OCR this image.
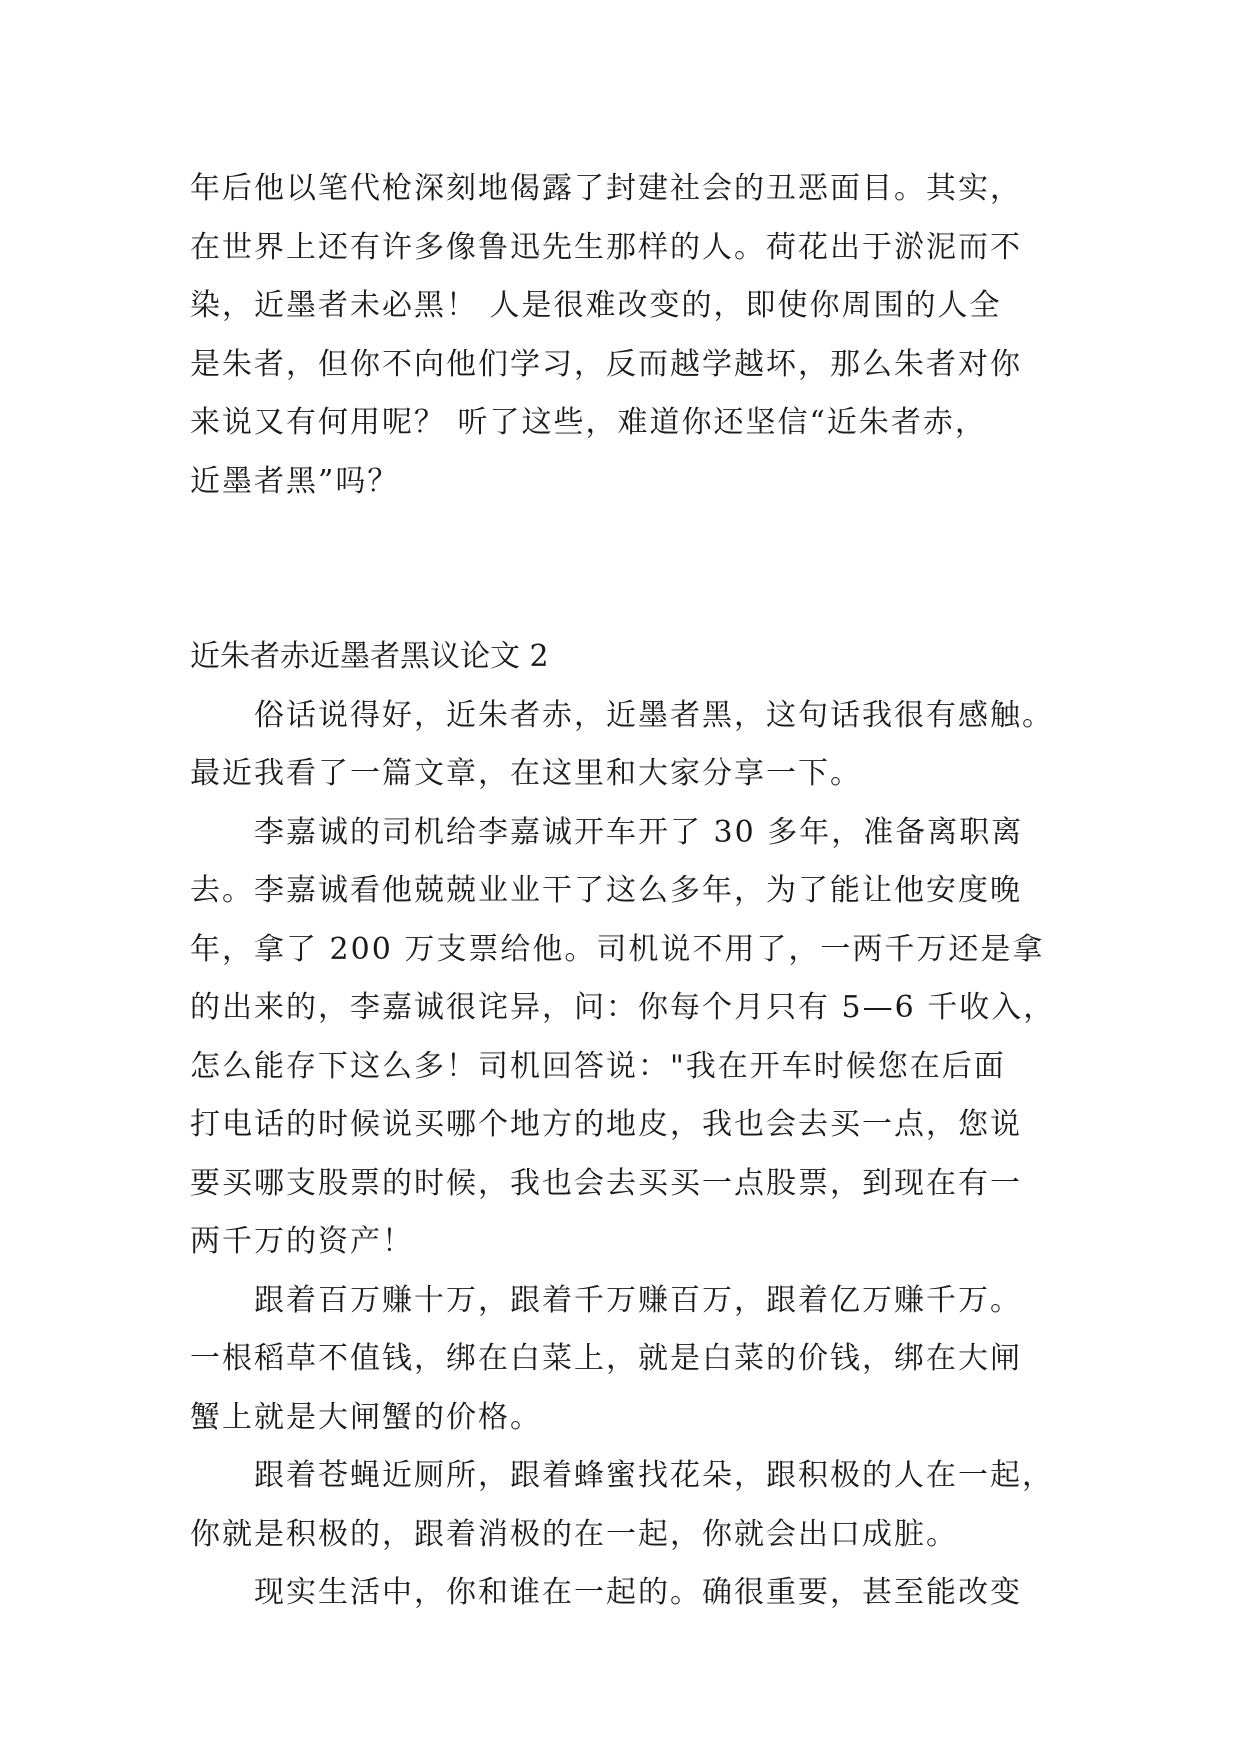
年后他以笔代枪深刻地偈露了封建社会的丑恶面目。其实，
在世界上还有许多像鲁迅先生那样的人。荷花出于淤泥而不
染，近墨者未必黑！ 人是很难改变的，即使你周围的人全
是朱者，但你不向他们学习，反而越学越坏，那么朱者对你
来说又有何用呢？ 听了这些，难道你还坚信“近朱者赤，
近墨者黑”吗？
近朱者赤近墨者黑议论文 2
　　俗话说得好，近朱者赤，近墨者黑，这句话我很有感触。
最近我看了一篇文章，在这里和大家分享一下。
　　李嘉诚的司机给李嘉诚开车开了 30 多年，准备离职离
去。李嘉诚看他兢兢业业干了这么多年，为了能让他安度晚
年，拿了 200 万支票给他。司机说不用了，一两千万还是拿
的出来的，李嘉诚很诧异，问：你每个月只有 5—6 千收入，
怎么能存下这么多！司机回答说："我在开车时候您在后面
打电话的时候说买哪个地方的地皮，我也会去买一点，您说
要买哪支股票的时候，我也会去买买一点股票，到现在有一
两千万的资产！
　　跟着百万赚十万，跟着千万赚百万，跟着亿万赚千万。
一根稻草不值钱，绑在白菜上，就是白菜的价钱，绑在大闸
蟹上就是大闸蟹的价格。
　　跟着苍蝇近厕所，跟着蜂蜜找花朵，跟积极的人在一起，
你就是积极的，跟着消极的在一起，你就会出口成脏。
　　现实生活中，你和谁在一起的。确很重要，甚至能改变
